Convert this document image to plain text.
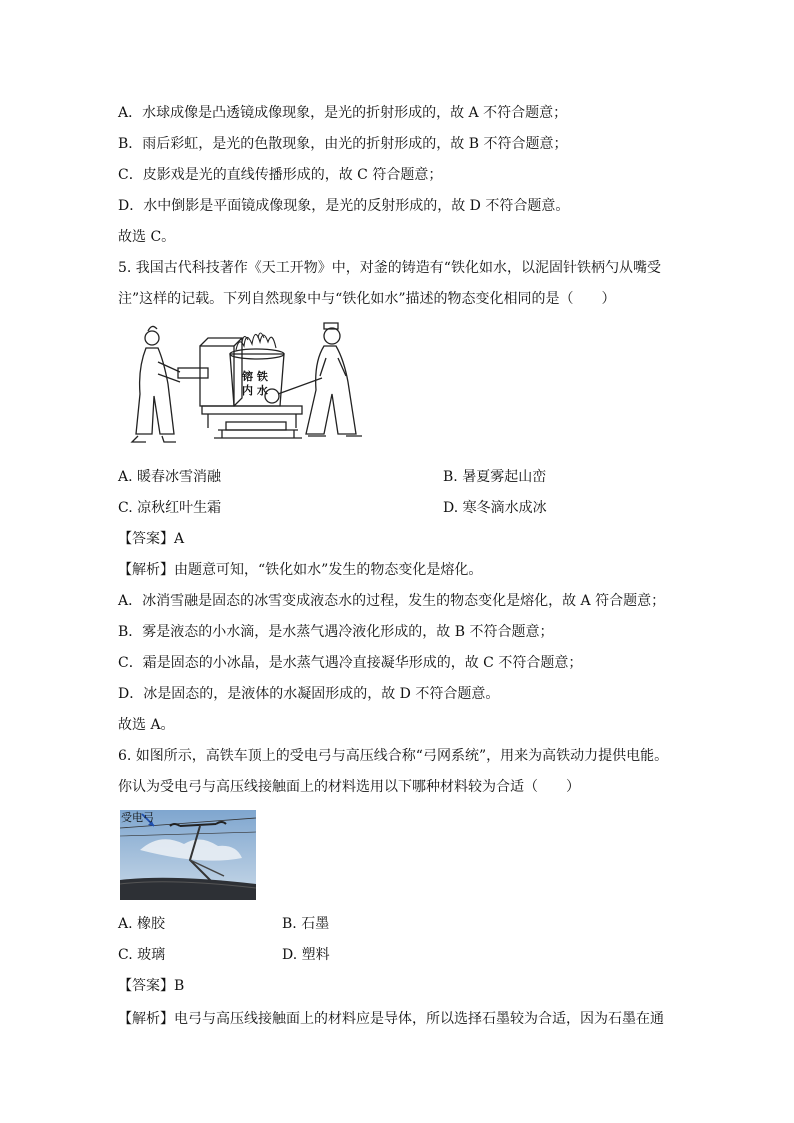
A．水球成像是凸透镜成像现象，是光的折射形成的，故 A 不符合题意；
B．雨后彩虹，是光的色散现象，由光的折射形成的，故 B 不符合题意；
C．皮影戏是光的直线传播形成的，故 C 符合题意；
D．水中倒影是平面镜成像现象，是光的反射形成的，故 D 不符合题意。
故选 C。
5. 我国古代科技著作《天工开物》中，对釜的铸造有“铁化如水，以泥固针铁柄勺从嘴受
注”这样的记载。下列自然现象中与“铁化如水”描述的物态变化相同的是（　　）
镕 铁
内 水
A. 暖春冰雪消融	B. 暑夏雾起山峦
C. 凉秋红叶生霜	D. 寒冬滴水成冰
【答案】A
【解析】由题意可知，“铁化如水”发生的物态变化是熔化。
A．冰消雪融是固态的冰雪变成液态水的过程，发生的物态变化是熔化，故 A 符合题意；
B．雾是液态的小水滴，是水蒸气遇冷液化形成的，故 B 不符合题意；
C．霜是固态的小冰晶，是水蒸气遇冷直接凝华形成的，故 C 不符合题意；
D．冰是固态的，是液体的水凝固形成的，故 D 不符合题意。
故选 A。
6. 如图所示，高铁车顶上的受电弓与高压线合称“弓网系统”，用来为高铁动力提供电能。
你认为受电弓与高压线接触面上的材料选用以下哪种材料较为合适（　　）
受电弓
A. 橡胶	B. 石墨
C. 玻璃	D. 塑料
【答案】B
【解析】电弓与高压线接触面上的材料应是导体，所以选择石墨较为合适，因为石墨在通
